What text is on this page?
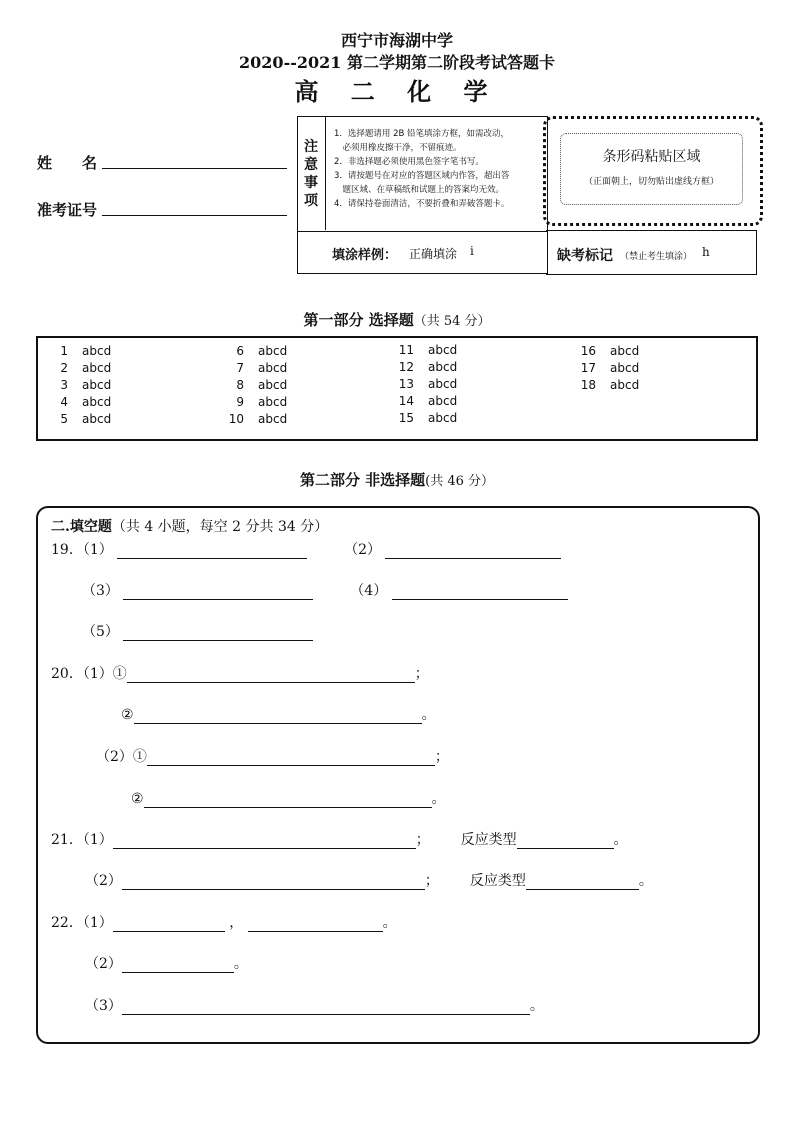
西宁市海湖中学
2020--2021 第二学期第二阶段考试答题卡
高 二 化 学
姓　　名
准考证号
注
意
事
项
1．选择题请用 2B 铅笔填涂方框，如需改动，
　必须用橡皮擦干净，不留痕迹。
2．非选择题必须使用黑色签字笔书写。
3．请按题号在对应的答题区域内作答，超出答
　题区域、在草稿纸和试题上的答案均无效。
4．请保持卷面清洁，不要折叠和弄破答题卡。
条形码粘贴区域
（正面朝上，切勿贴出虚线方框）
填涂样例： 正确填涂 i	缺考标记 （禁止考生填涂） h
第一部分 选择题（共 54 分）
1 abcd
2 abcd
3 abcd
4 abcd
5 abcd
6 abcd
7 abcd
8 abcd
9 abcd
10 abcd
11 abcd
12 abcd
13 abcd
14 abcd
15 abcd
16 abcd
17 abcd
18 abcd
第二部分 非选择题(共 46 分）
二.填空题（共 4 小题，每空 2 分共 34 分）
19．（1）	（2）
（3）	（4）
（5）
20．（1）①	；
②	。
（2）①	；
②	。
21．（1）	； 反应类型	。
（2）	； 反应类型	。
22．（1）	，	。
（2）	。
（3）	。
